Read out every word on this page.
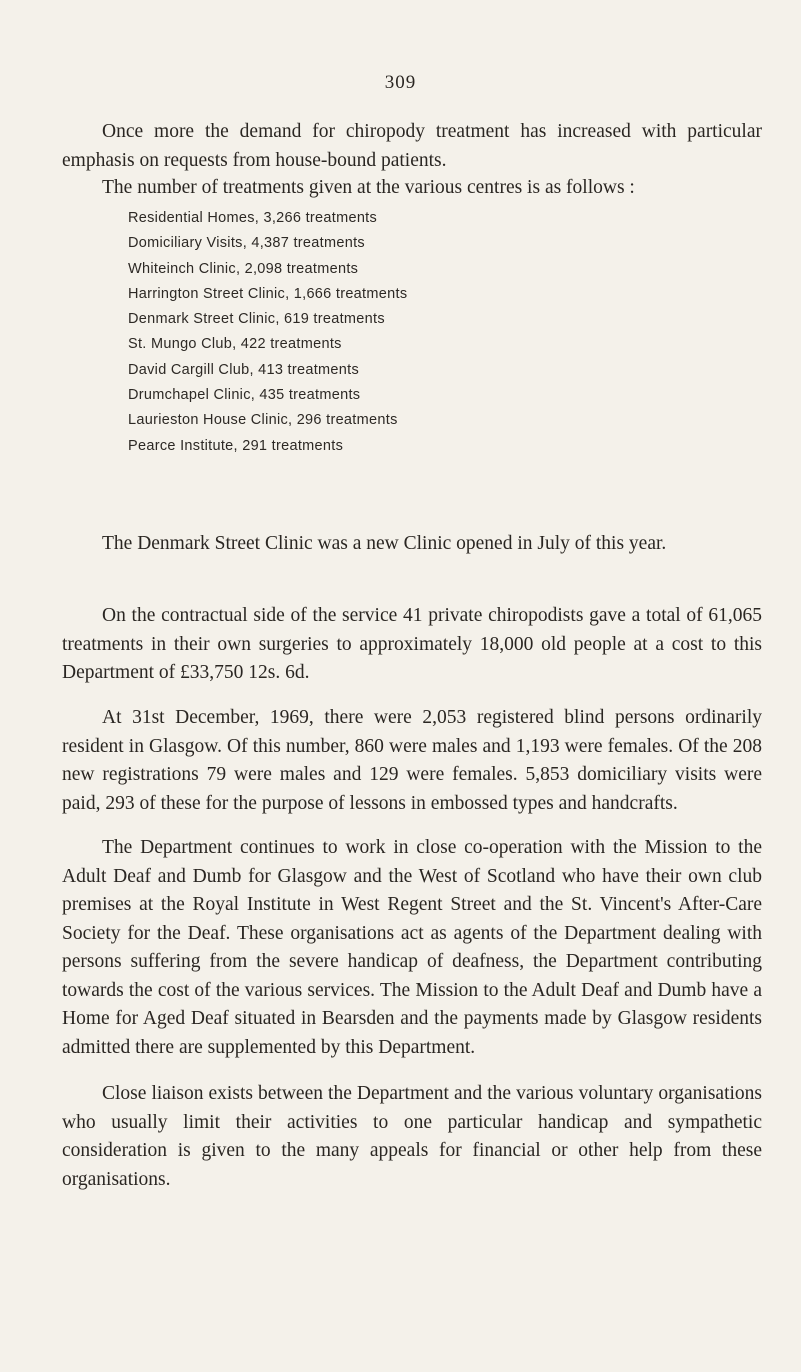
309

Once more the demand for chiropody treatment has increased with particular emphasis on requests from house-bound patients.

The number of treatments given at the various centres is as follows :

Residential Homes, 3,266 treatments
Domiciliary Visits, 4,387 treatments
Whiteinch Clinic, 2,098 treatments
Harrington Street Clinic, 1,666 treatments
Denmark Street Clinic, 619 treatments
St. Mungo Club, 422 treatments
David Cargill Club, 413 treatments
Drumchapel Clinic, 435 treatments
Laurieston House Clinic, 296 treatments
Pearce Institute, 291 treatments

The Denmark Street Clinic was a new Clinic opened in July of this year.

On the contractual side of the service 41 private chiropodists gave a total of 61,065 treatments in their own surgeries to approximately 18,000 old people at a cost to this Department of £33,750 12s. 6d.

At 31st December, 1969, there were 2,053 registered blind persons ordinarily resident in Glasgow. Of this number, 860 were males and 1,193 were females. Of the 208 new registrations 79 were males and 129 were females. 5,853 domiciliary visits were paid, 293 of these for the purpose of lessons in embossed types and handcrafts.

The Department continues to work in close co-operation with the Mission to the Adult Deaf and Dumb for Glasgow and the West of Scotland who have their own club premises at the Royal Institute in West Regent Street and the St. Vincent's After-Care Society for the Deaf. These organisations act as agents of the Department dealing with persons suffering from the severe handicap of deafness, the Department contributing towards the cost of the various services. The Mission to the Adult Deaf and Dumb have a Home for Aged Deaf situated in Bearsden and the payments made by Glasgow residents admitted there are supplemented by this Department.

Close liaison exists between the Department and the various voluntary organisations who usually limit their activities to one particular handicap and sympathetic consideration is given to the many appeals for financial or other help from these organisations.
